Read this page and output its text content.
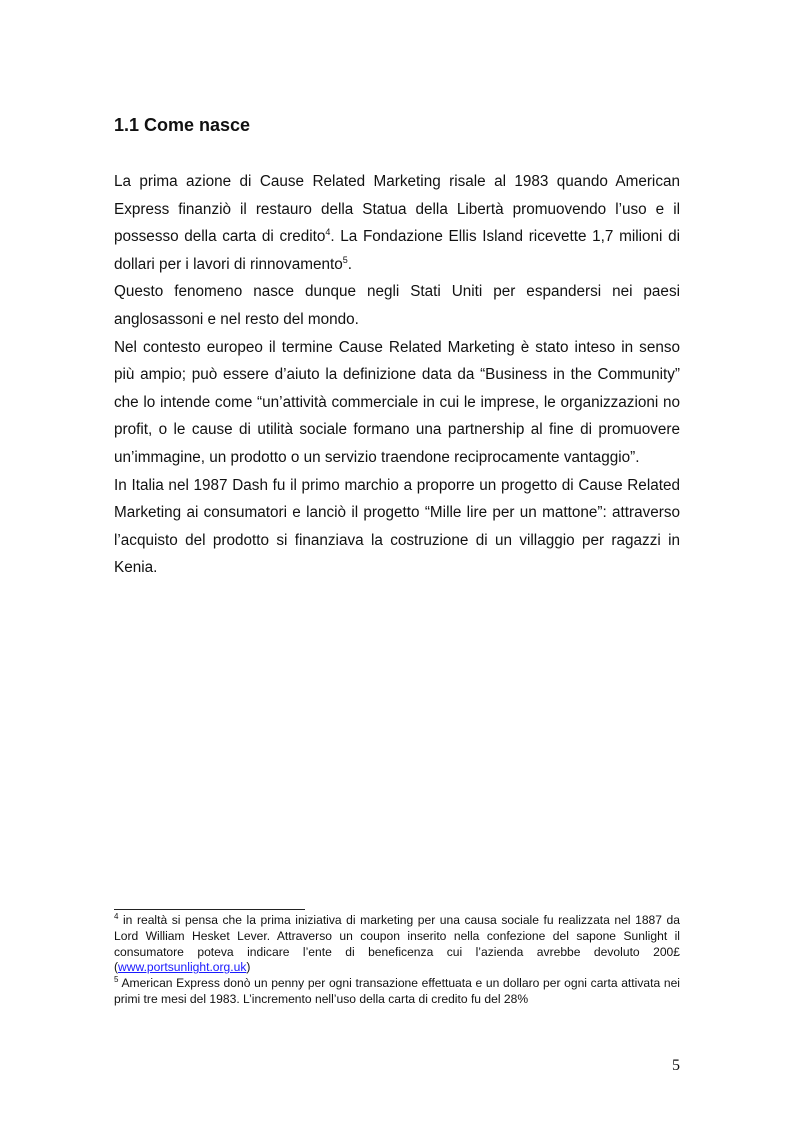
1.1 Come nasce

La prima azione di Cause Related Marketing risale al 1983 quando American Express finanziò il restauro della Statua della Libertà promuovendo l’uso e il possesso della carta di credito$^4$. La Fondazione Ellis Island ricevette 1,7 milioni di dollari per i lavori di rinnovamento$^5$.

Questo fenomeno nasce dunque negli Stati Uniti per espandersi nei paesi anglosassoni e nel resto del mondo.

Nel contesto europeo il termine Cause Related Marketing è stato inteso in senso più ampio; può essere d’aiuto la definizione data da “Business in the Community” che lo intende come “un’attività commerciale in cui le imprese, le organizzazioni no profit, o le cause di utilità sociale formano una partnership al fine di promuovere un’immagine, un prodotto o un servizio traendone reciprocamente vantaggio”.

In Italia nel 1987 Dash fu il primo marchio a proporre un progetto di Cause Related Marketing ai consumatori e lanciò il progetto “Mille lire per un mattone”: attraverso l’acquisto del prodotto si finanziava la costruzione di un villaggio per ragazzi in Kenia.

$^4$ in realtà si pensa che la prima iniziativa di marketing per una causa sociale fu realizzata nel 1887 da Lord William Hesket Lever. Attraverso un coupon inserito nella confezione del sapone Sunlight il consumatore poteva indicare l’ente di beneficenza cui l’azienda avrebbe devoluto 200£ (www.portsunlight.org.uk)

$^5$ American Express donò un penny per ogni transazione effettuata e un dollaro per ogni carta attivata nei primi tre mesi del 1983. L’incremento nell’uso della carta di credito fu del 28%

5
